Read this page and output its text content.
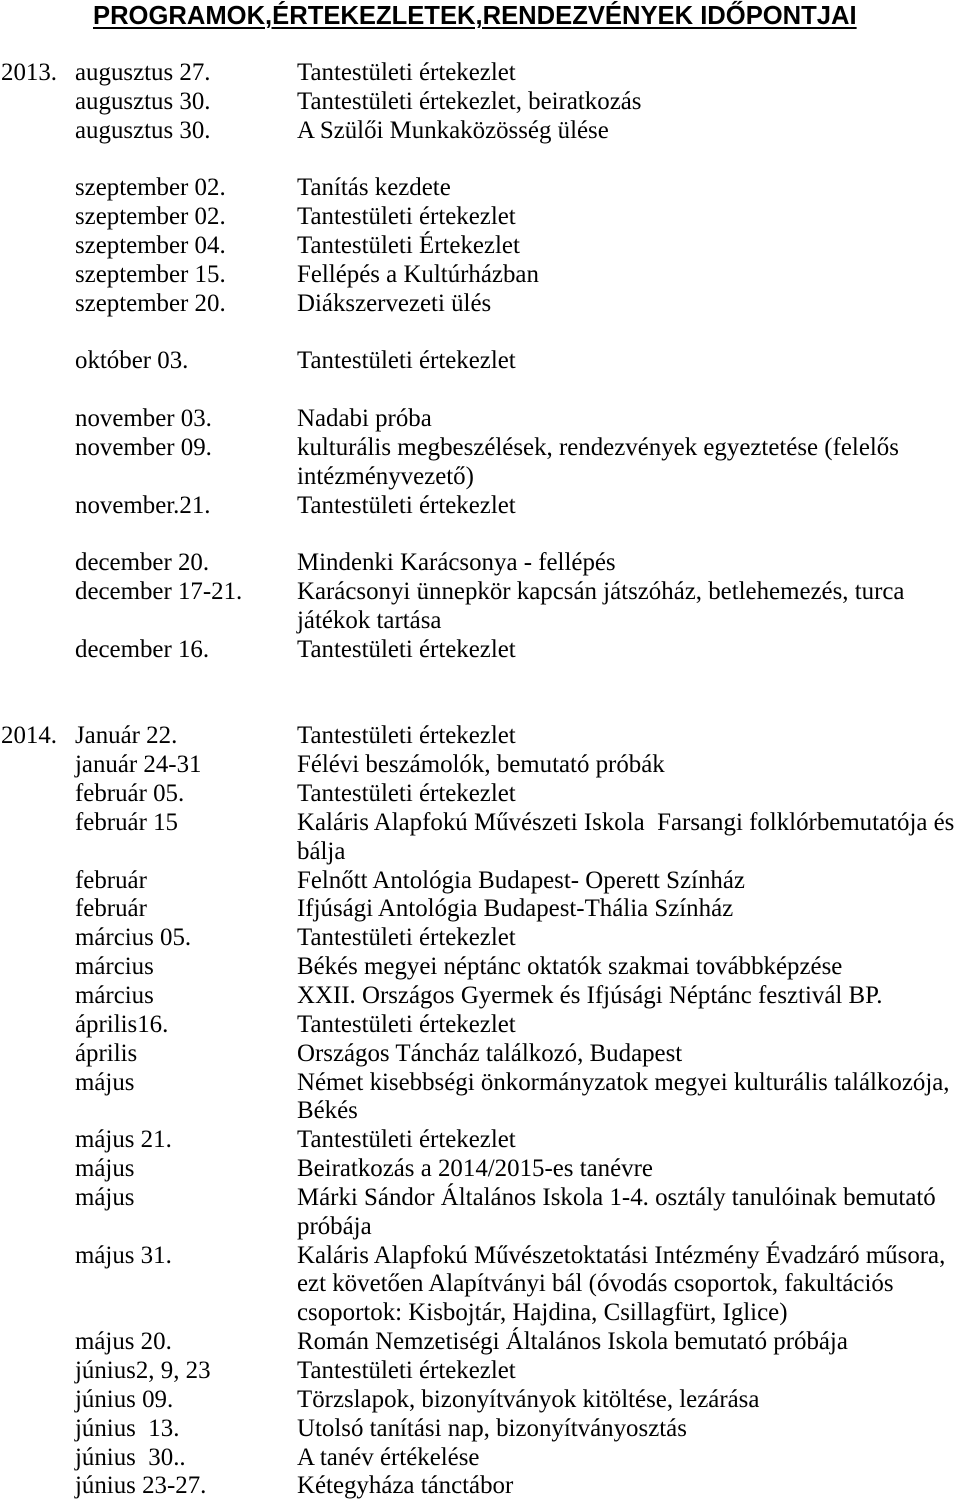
PROGRAMOK,ÉRTEKEZLETEK,RENDEZVÉNYEK IDŐPONTJAI
2013. augusztus 27.	Tantestületi értekezlet
augusztus 30.	Tantestületi értekezlet, beiratkozás
augusztus 30.	A Szülői Munkaközösség ülése
szeptember 02.	Tanítás kezdete
szeptember 02.	Tantestületi értekezlet
szeptember 04.	Tantestületi Értekezlet
szeptember 15.	Fellépés a Kultúrházban
szeptember 20.	Diákszervezeti ülés
október 03.	Tantestületi értekezlet
november 03.	Nadabi próba
november 09.	kulturális megbeszélések, rendezvények egyeztetése (felelős
intézményvezető)
november.21.	Tantestületi értekezlet
december 20.	Mindenki Karácsonya - fellépés
december 17-21. Karácsonyi ünnepkör kapcsán játszóház, betlehemezés, turca
játékok tartása
december 16.	Tantestületi értekezlet
2014. Január 22.	Tantestületi értekezlet
január 24-31	Félévi beszámolók, bemutató próbák
február 05.	Tantestületi értekezlet
február 15	Kaláris Alapfokú Művészeti Iskola  Farsangi folklórbemutatója és
bálja
február	Felnőtt Antológia Budapest- Operett Színház
február	Ifjúsági Antológia Budapest-Thália Színház
március 05.	Tantestületi értekezlet
március	Békés megyei néptánc oktatók szakmai továbbképzése
március	XXII. Országos Gyermek és Ifjúsági Néptánc fesztivál BP.
április16.	Tantestületi értekezlet
április	Országos Táncház találkozó, Budapest
május	Német kisebbségi önkormányzatok megyei kulturális találkozója,
Békés
május 21.	Tantestületi értekezlet
május	Beiratkozás a 2014/2015-es tanévre
május	Márki Sándor Általános Iskola 1-4. osztály tanulóinak bemutató
próbája
május 31.	Kaláris Alapfokú Művészetoktatási Intézmény Évadzáró műsora,
ezt követően Alapítványi bál (óvodás csoportok, fakultációs
csoportok: Kisbojtár, Hajdina, Csillagfürt, Iglice)
május 20.	Román Nemzetiségi Általános Iskola bemutató próbája
június2, 9, 23	Tantestületi értekezlet
június 09.	Törzslapok, bizonyítványok kitöltése, lezárása
június  13.	Utolsó tanítási nap, bizonyítványosztás
június  30..	A tanév értékelése
június 23-27.	Kétegyháza tánctábor
